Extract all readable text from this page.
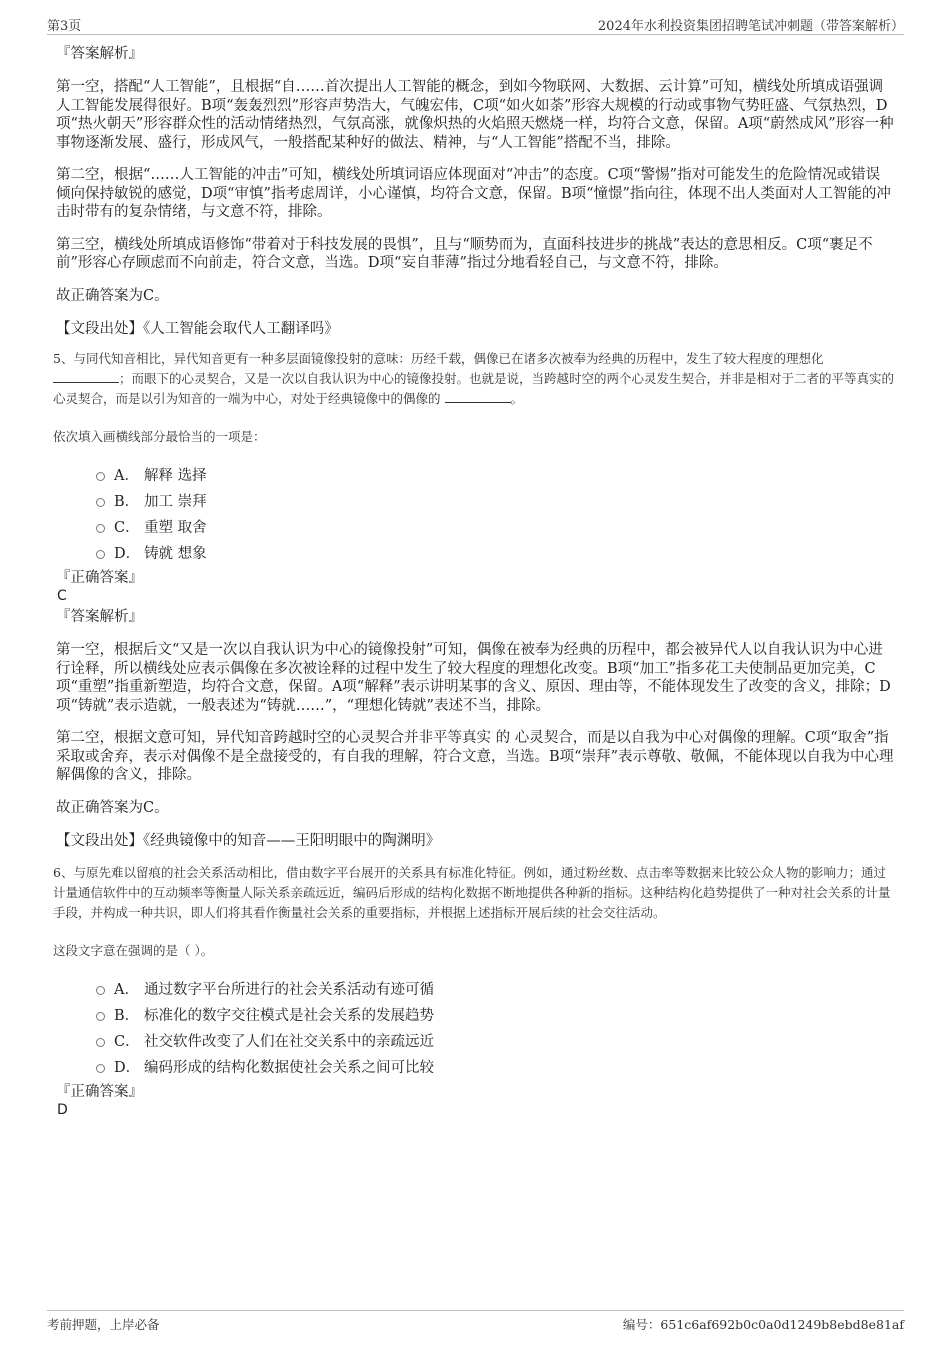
第3页	2024年水利投资集团招聘笔试冲刺题（带答案解析）

『答案解析』

第一空，搭配“人工智能”，且根据“自……首次提出人工智能的概念，到如今物联网、大数据、云计算”可知，横线处所填成语强调人工智能发展得很好。B项“轰轰烈烈”形容声势浩大，气魄宏伟，C项“如火如荼”形容大规模的行动或事物气势旺盛、气氛热烈，D项“热火朝天”形容群众性的活动情绪热烈，气氛高涨，就像炽热的火焰照天燃烧一样，均符合文意，保留。A项“蔚然成风”形容一种事物逐渐发展、盛行，形成风气，一般搭配某种好的做法、精神，与“人工智能”搭配不当，排除。

第二空，根据“……人工智能的冲击”可知，横线处所填词语应体现面对“冲击”的态度。C项“警惕”指对可能发生的危险情况或错误倾向保持敏锐的感觉，D项“审慎”指考虑周详，小心谨慎，均符合文意，保留。B项“憧憬”指向往，体现不出人类面对人工智能的冲击时带有的复杂情绪，与文意不符，排除。

第三空，横线处所填成语修饰“带着对于科技发展的畏惧”，且与“顺势而为，直面科技进步的挑战”表达的意思相反。C项“裹足不前”形容心存顾虑而不向前走，符合文意，当选。D项“妄自菲薄”指过分地看轻自己，与文意不符，排除。

故正确答案为C。

【文段出处】《人工智能会取代人工翻译吗》

5、与同代知音相比，异代知音更有一种多层面镜像投射的意味：历经千载，偶像已在诸多次被奉为经典的历程中，发生了较大程度的理想化
；而眼下的心灵契合，又是一次以自我认识为中心的镜像投射。也就是说，当跨越时空的两个心灵发生契合，并非是相对于二者的平等真实的心灵契合，而是以引为知音的一端为中心，对处于经典镜像中的偶像的	。

依次填入画横线部分最恰当的一项是：

A． 解释 选择
B． 加工 崇拜
C． 重塑 取舍
D． 铸就 想象

『正确答案』

C

『答案解析』

第一空，根据后文“又是一次以自我认识为中心的镜像投射”可知，偶像在被奉为经典的历程中，都会被异代人以自我认识为中心进行诠释，所以横线处应表示偶像在多次被诠释的过程中发生了较大程度的理想化改变。B项“加工”指多花工夫使制品更加完美，C项“重塑”指重新塑造，均符合文意，保留。A项“解释”表示讲明某事的含义、原因、理由等，不能体现发生了改变的含义，排除；D项“铸就”表示造就，一般表述为“铸就……”，“理想化铸就”表述不当，排除。

第二空，根据文意可知，异代知音跨越时空的心灵契合并非平等真实 的 心灵契合，而是以自我为中心对偶像的理解。C项“取舍”指采取或舍弃，表示对偶像不是全盘接受的，有自我的理解，符合文意，当选。B项“崇拜”表示尊敬、敬佩，不能体现以自我为中心理解偶像的含义，排除。

故正确答案为C。

【文段出处】《经典镜像中的知音——王阳明眼中的陶渊明》

6、与原先难以留痕的社会关系活动相比，借由数字平台展开的关系具有标准化特征。例如，通过粉丝数、点击率等数据来比较公众人物的影响力；通过计量通信软件中的互动频率等衡量人际关系亲疏远近，编码后形成的结构化数据不断地提供各种新的指标。这种结构化趋势提供了一种对社会关系的计量手段，并构成一种共识，即人们将其看作衡量社会关系的重要指标，并根据上述指标开展后续的社会交往活动。

这段文字意在强调的是（ ）。

A． 通过数字平台所进行的社会关系活动有迹可循
B． 标准化的数字交往模式是社会关系的发展趋势
C． 社交软件改变了人们在社交关系中的亲疏远近
D． 编码形成的结构化数据使社会关系之间可比较

『正确答案』

D

考前押题，上岸必备	编号：651c6af692b0c0a0d1249b8ebd8e81af
